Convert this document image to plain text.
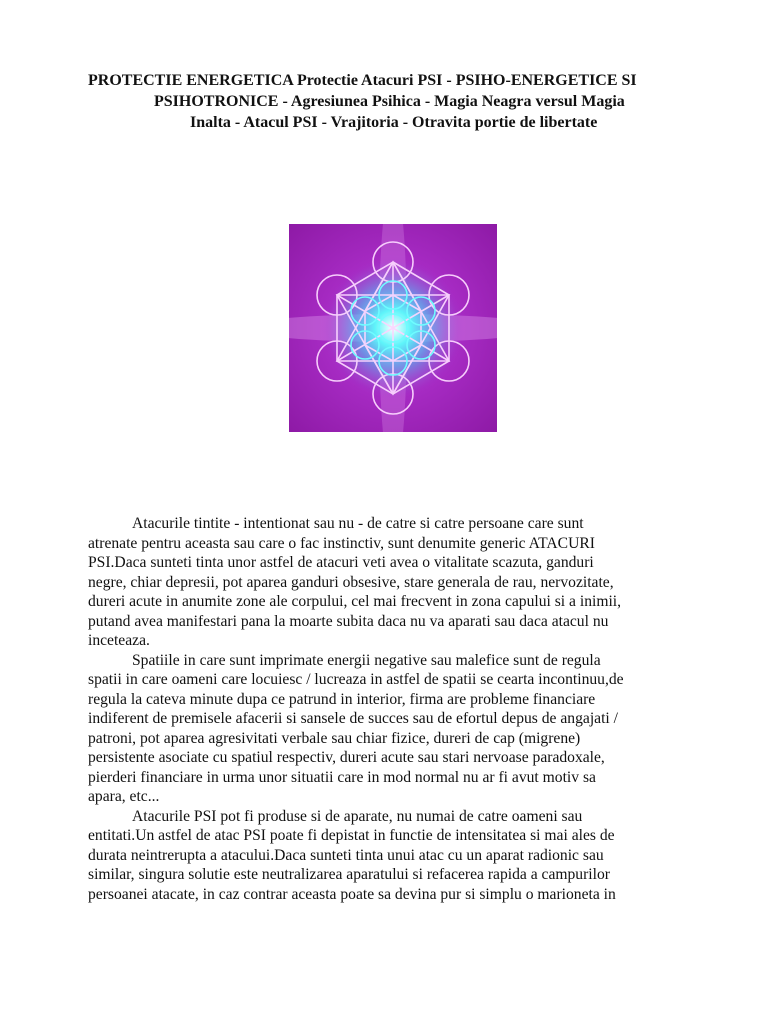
PROTECTIE ENERGETICA Protectie Atacuri PSI - PSIHO-ENERGETICE SI
PSIHOTRONICE - Agresiunea Psihica - Magia Neagra versul Magia
Inalta - Atacul PSI - Vrajitoria - Otravita portie de libertate

Atacurile tintite - intentionat sau nu - de catre si catre persoane care sunt
atrenate pentru aceasta sau care o fac instinctiv, sunt denumite generic ATACURI
PSI.Daca sunteti tinta unor astfel de atacuri veti avea o vitalitate scazuta, ganduri
negre, chiar depresii, pot aparea ganduri obsesive, stare generala de rau, nervozitate,
dureri acute in anumite zone ale corpului, cel mai frecvent in zona capului si a inimii,
putand avea manifestari pana la moarte subita daca nu va aparati sau daca atacul nu
inceteaza.

Spatiile in care sunt imprimate energii negative sau malefice sunt de regula
spatii in care oameni care locuiesc / lucreaza in astfel de spatii se cearta incontinuu,de
regula la cateva minute dupa ce patrund in interior, firma are probleme financiare
indiferent de premisele afacerii si sansele de succes sau de efortul depus de angajati /
patroni, pot aparea agresivitati verbale sau chiar fizice, dureri de cap (migrene)
persistente asociate cu spatiul respectiv, dureri acute sau stari nervoase paradoxale,
pierderi financiare in urma unor situatii care in mod normal nu ar fi avut motiv sa
apara, etc...

Atacurile PSI pot fi produse si de aparate, nu numai de catre oameni sau
entitati.Un astfel de atac PSI poate fi depistat in functie de intensitatea si mai ales de
durata neintrerupta a atacului.Daca sunteti tinta unui atac cu un aparat radionic sau
similar, singura solutie este neutralizarea aparatului si refacerea rapida a campurilor
persoanei atacate, in caz contrar aceasta poate sa devina pur si simplu o marioneta in
